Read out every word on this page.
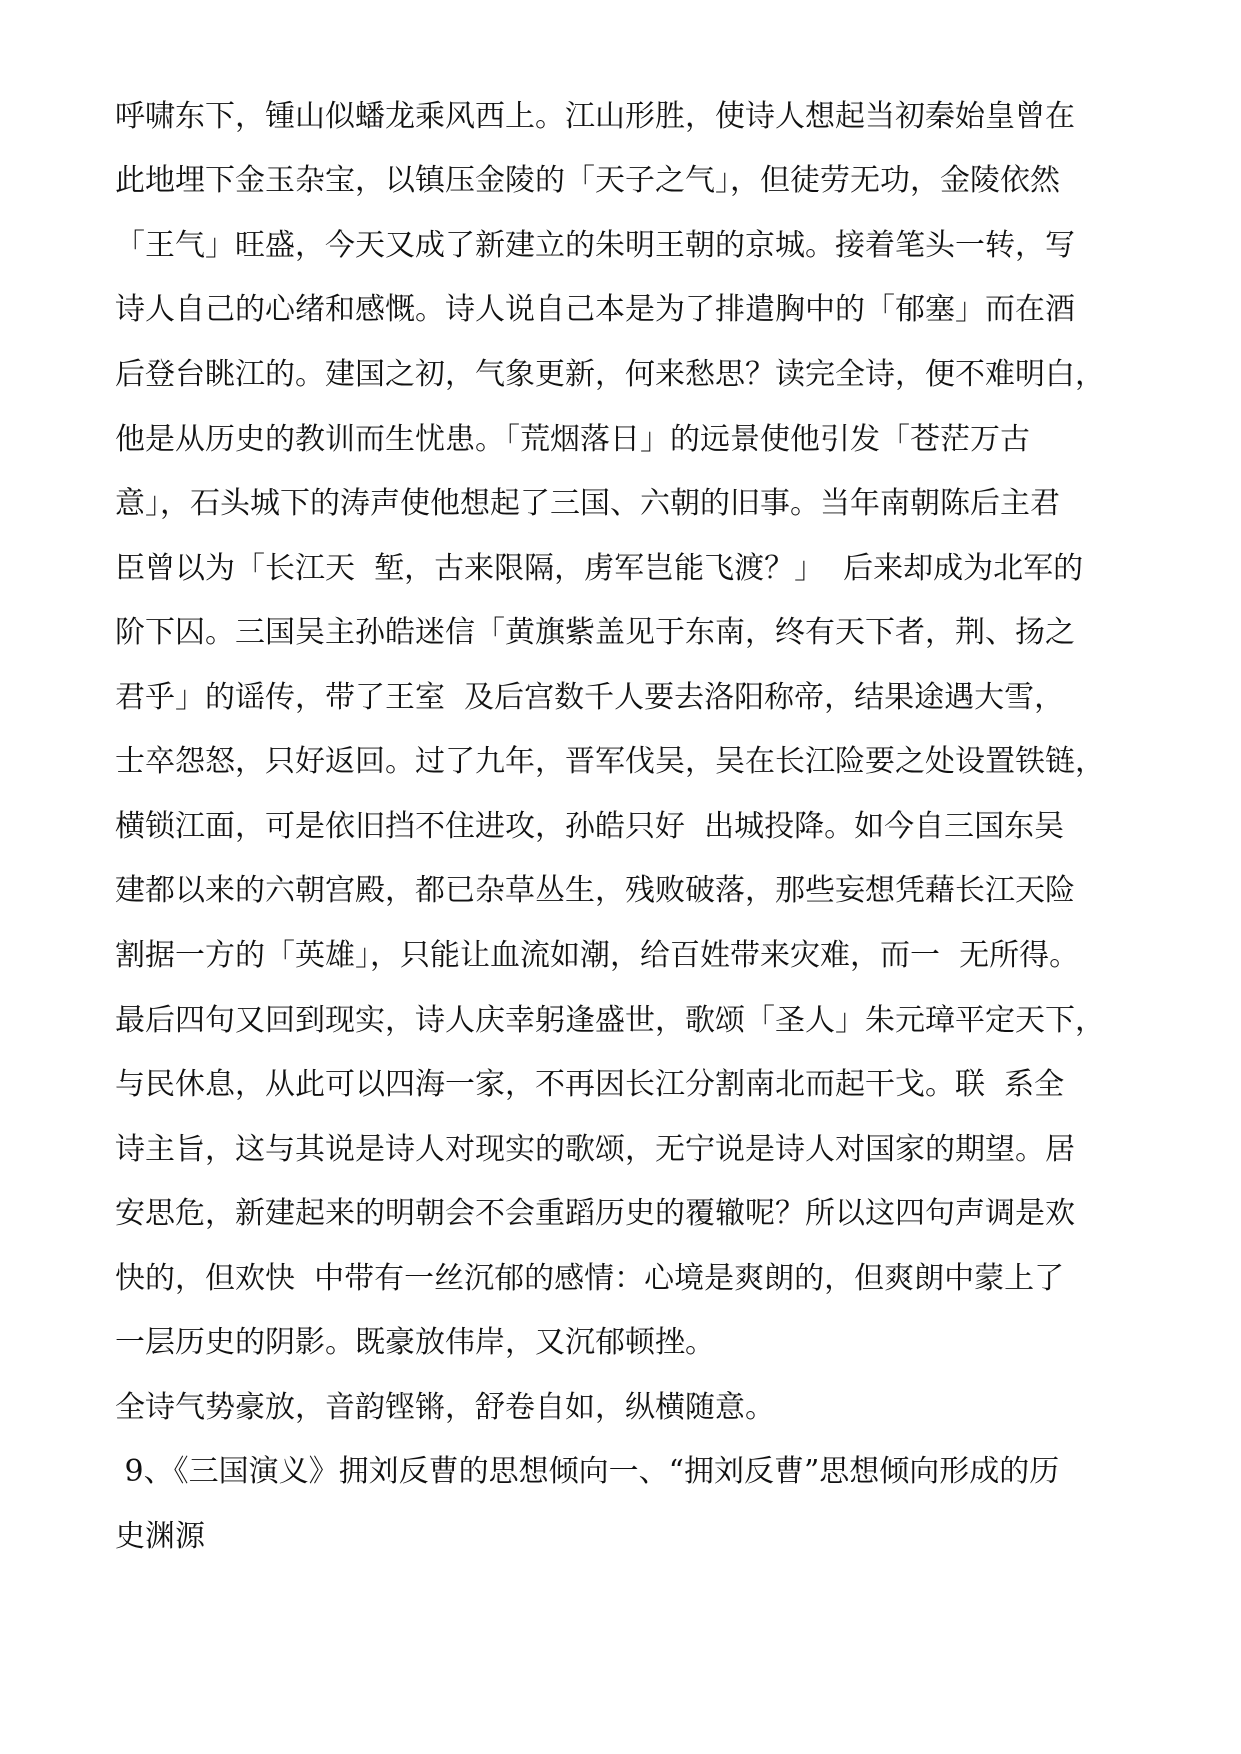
呼啸东下，锺山似蟠龙乘风西上。江山形胜，使诗人想起当初秦始皇曾在
此地埋下金玉杂宝，以镇压金陵的「天子之气」，但徒劳无功，金陵依然
「王气」旺盛，今天又成了新建立的朱明王朝的京城。接着笔头一转，写
诗人自己的心绪和感慨。诗人说自己本是为了排遣胸中的「郁塞」而在酒
后登台眺江的。建国之初，气象更新，何来愁思？读完全诗，便不难明白，
他是从历史的教训而生忧患。「荒烟落日」的远景使他引发「苍茫万古
意」，石头城下的涛声使他想起了三国、六朝的旧事。当年南朝陈后主君
臣曾以为「长江天  堑，古来限隔，虏军岂能飞渡？」  后来却成为北军的
阶下囚。三国吴主孙皓迷信「黄旗紫盖见于东南，终有天下者，荆、扬之
君乎」的谣传，带了王室  及后宫数千人要去洛阳称帝，结果途遇大雪，
士卒怨怒，只好返回。过了九年，晋军伐吴，吴在长江险要之处设置铁链，
横锁江面，可是依旧挡不住进攻，孙皓只好  出城投降。如今自三国东吴
建都以来的六朝宫殿，都已杂草丛生，残败破落，那些妄想凭藉长江天险
割据一方的「英雄」，只能让血流如潮，给百姓带来灾难，而一  无所得。
最后四句又回到现实，诗人庆幸躬逢盛世，歌颂「圣人」朱元璋平定天下，
与民休息，从此可以四海一家，不再因长江分割南北而起干戈。联  系全
诗主旨，这与其说是诗人对现实的歌颂，无宁说是诗人对国家的期望。居
安思危，新建起来的明朝会不会重蹈历史的覆辙呢？所以这四句声调是欢
快的，但欢快  中带有一丝沉郁的感情：心境是爽朗的，但爽朗中蒙上了
一层历史的阴影。既豪放伟岸，又沉郁顿挫。
全诗气势豪放，音韵铿锵，舒卷自如，纵横随意。
9、《三国演义》拥刘反曹的思想倾向一、“拥刘反曹”思想倾向形成的历
史渊源
